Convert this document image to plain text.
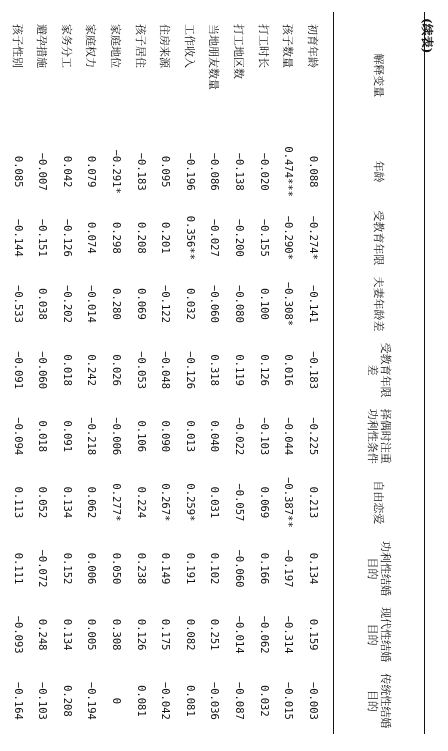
(续表)
解释变量	年龄	受教育年限	夫妻年龄差	受教育年限差	择偶时注重功利性条件	自由恋爱	功利性结婚目的	现代性结婚目的	传统性结婚目的
初育年龄	0.088	−0.274*	−0.141	−0.183	−0.225	0.213	0.134	0.159	−0.003
孩子数量	0.474***	−0.290*	−0.308*	0.016	−0.044	−0.387**	−0.197	−0.314	−0.015
打工时长	−0.020	−0.155	0.100	0.126	−0.103	0.069	0.166	−0.062	0.032
打工地区数	−0.138	−0.200	−0.080	0.119	−0.022	−0.057	−0.060	−0.014	−0.087
当地朋友数量	−0.086	−0.027	−0.060	0.318	0.040	0.031	0.102	0.251	−0.036
工作收入	−0.196	0.356**	0.032	−0.126	0.013	0.259*	0.191	0.082	0.081
住房来源	0.095	0.201	−0.122	−0.048	0.090	0.267*	0.149	0.175	−0.042
孩子居住	−0.183	0.208	0.069	−0.053	0.106	0.224	0.238	0.126	0.081
家庭地位	−0.291*	0.298	0.280	0.026	−0.006	0.277*	0.050	0.308	0
家庭权力	0.079	0.074	−0.014	0.242	−0.218	0.062	0.006	0.005	−0.194
家务分工	0.042	−0.126	−0.202	0.018	0.091	0.134	0.152	0.134	0.208
避孕措施	−0.007	−0.151	0.038	−0.060	0.018	0.052	−0.072	0.248	−0.103
孩子性别	0.085	−0.144	−0.533	−0.091	−0.094	0.113	0.111	−0.093	−0.164
